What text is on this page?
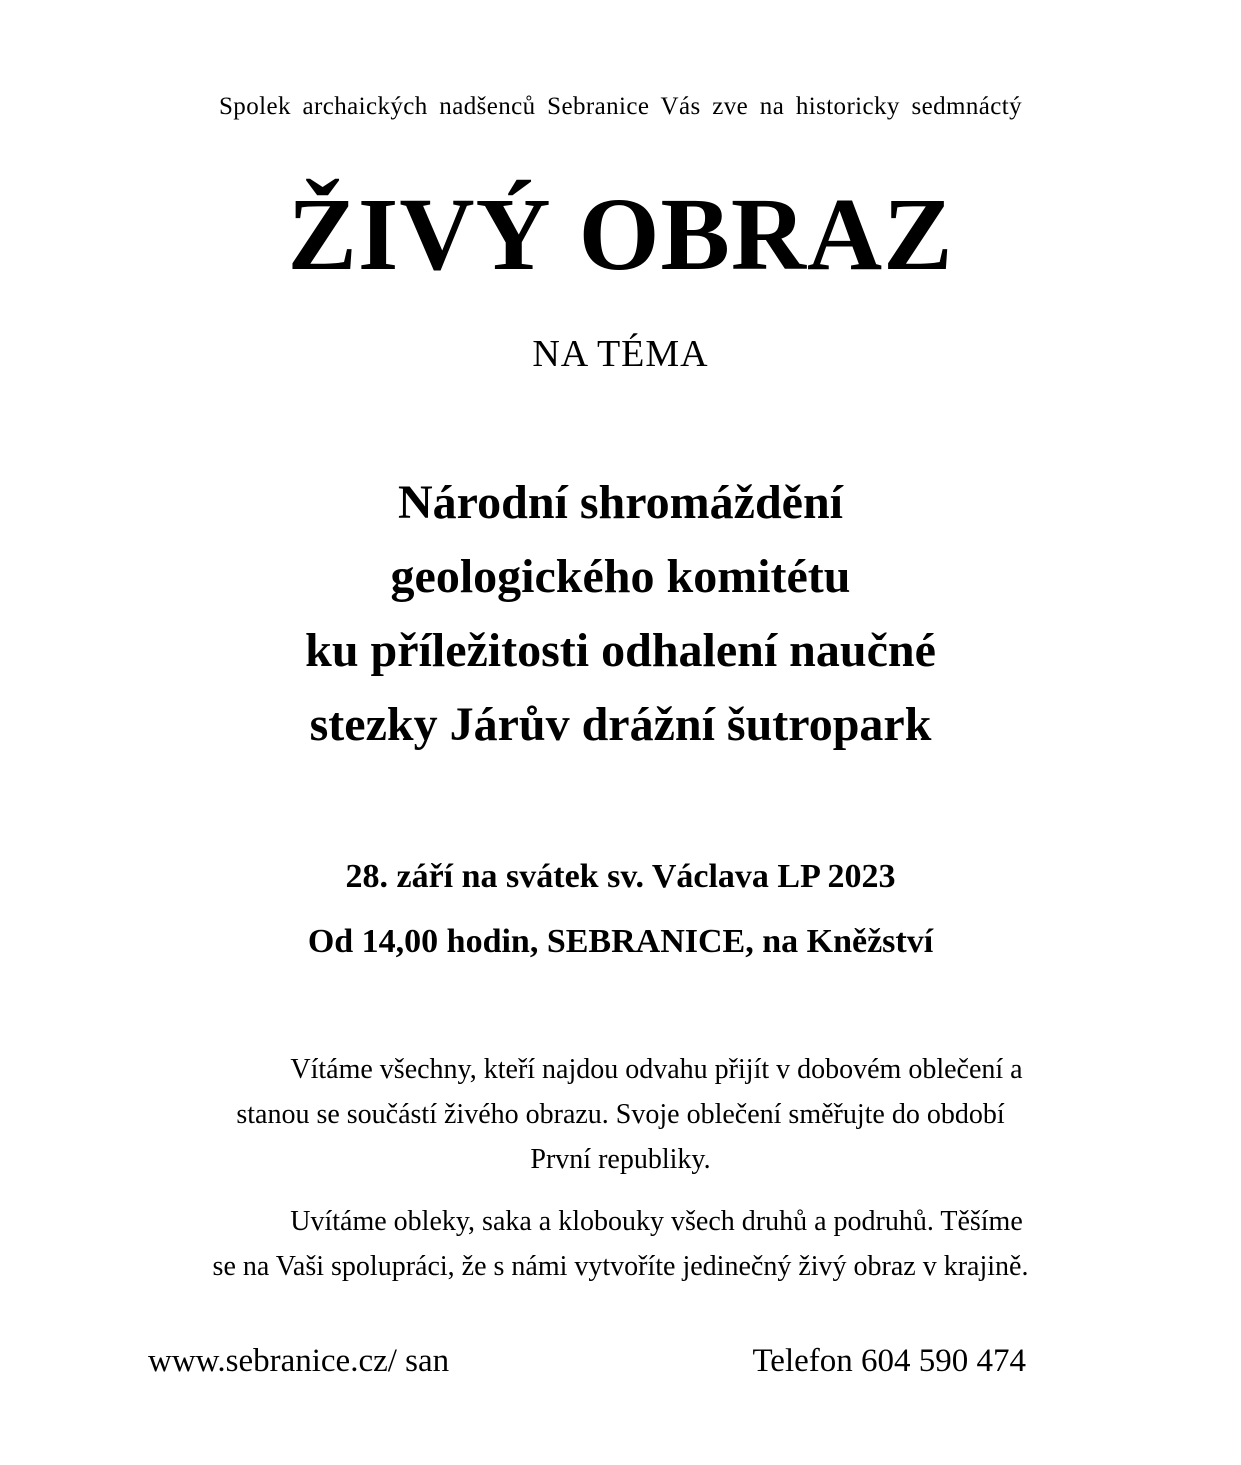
Spolek archaických nadšenců Sebranice Vás zve na historicky sedmnáctý
ŽIVÝ OBRAZ
NA TÉMA
Národní shromáždění
geologického komitétu
ku příležitosti odhalení naučné
stezky Járův drážní šutropark
28. září na svátek sv. Václava LP 2023
Od 14,00 hodin, SEBRANICE, na Kněžství
Vítáme všechny, kteří najdou odvahu přijít v dobovém oblečení a
stanou se součástí živého obrazu. Svoje oblečení směřujte do období
První republiky.
Uvítáme obleky, saka a klobouky všech druhů a podruhů. Těšíme
se na Vaši spolupráci, že s námi vytvoříte jedinečný živý obraz v krajině.
www.sebranice.cz/ san	Telefon 604 590 474
